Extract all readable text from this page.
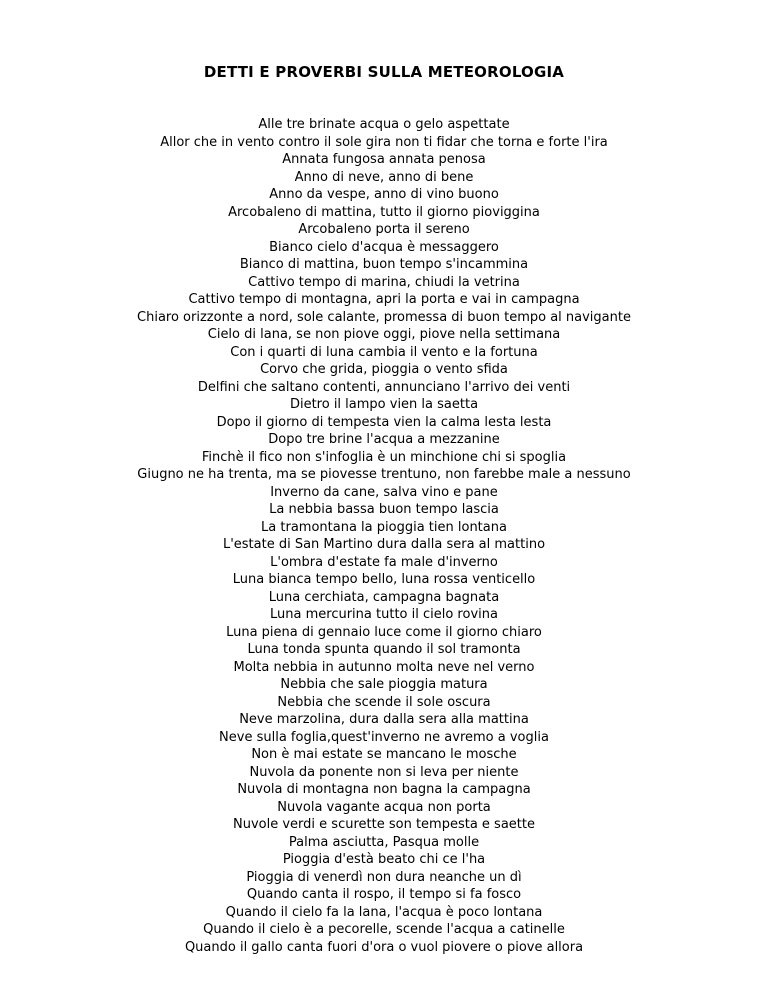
DETTI E PROVERBI SULLA METEOROLOGIA
Alle tre brinate acqua o gelo aspettate
Allor che in vento contro il sole gira non ti fidar che torna e forte l'ira
Annata fungosa annata penosa
Anno di neve, anno di bene
Anno da vespe, anno di vino buono
Arcobaleno di mattina, tutto il giorno pioviggina
Arcobaleno porta il sereno
Bianco cielo d'acqua è messaggero
Bianco di mattina, buon tempo s'incammina
Cattivo tempo di marina, chiudi la vetrina
Cattivo tempo di montagna, apri la porta e vai in campagna
Chiaro orizzonte a nord, sole calante, promessa di buon tempo al navigante
Cielo di lana, se non piove oggi, piove nella settimana
Con i quarti di luna cambia il vento e la fortuna
Corvo che grida, pioggia o vento sfida
Delfini che saltano contenti, annunciano l'arrivo dei venti
Dietro il lampo vien la saetta
Dopo il giorno di tempesta vien la calma lesta lesta
Dopo tre brine l'acqua a mezzanine
Finchè il fico non s'infoglia è un minchione chi si spoglia
Giugno ne ha trenta, ma se piovesse trentuno, non farebbe male a nessuno
Inverno da cane, salva vino e pane
La nebbia bassa buon tempo lascia
La tramontana la pioggia tien lontana
L'estate di San Martino dura dalla sera al mattino
L'ombra d'estate fa male d'inverno
Luna bianca tempo bello, luna rossa venticello
Luna cerchiata, campagna bagnata
Luna mercurina tutto il cielo rovina
Luna piena di gennaio luce come il giorno chiaro
Luna tonda spunta quando il sol tramonta
Molta nebbia in autunno molta neve nel verno
Nebbia che sale pioggia matura
Nebbia che scende il sole oscura
Neve marzolina, dura dalla sera alla mattina
Neve sulla foglia,quest'inverno ne avremo a voglia
Non è mai estate se mancano le mosche
Nuvola da ponente non si leva per niente
Nuvola di montagna non bagna la campagna
Nuvola vagante acqua non porta
Nuvole verdi e scurette son tempesta e saette
Palma asciutta, Pasqua molle
Pioggia d'està beato chi ce l'ha
Pioggia di venerdì non dura neanche un dì
Quando canta il rospo, il tempo si fa fosco
Quando il cielo fa la lana, l'acqua è poco lontana
Quando il cielo è a pecorelle, scende l'acqua a catinelle
Quando il gallo canta fuori d'ora o vuol piovere o piove allora
